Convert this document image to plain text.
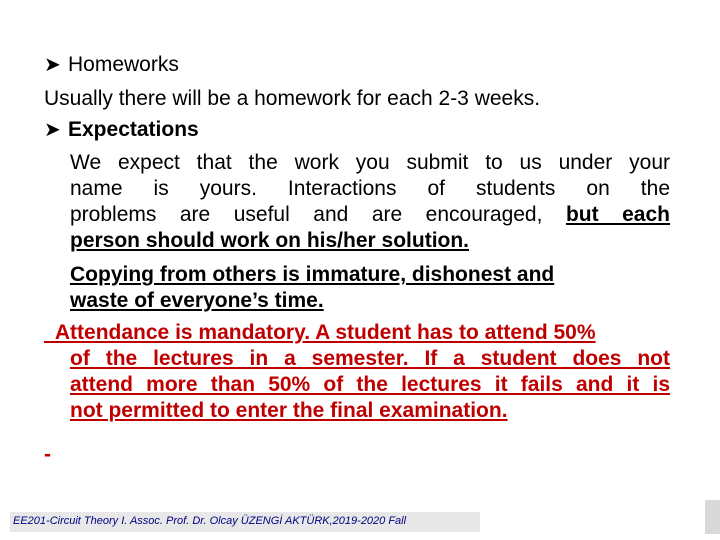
➤ Homeworks
Usually there will be a homework for each 2-3 weeks.
➤ Expectations
We expect that the work you submit to us under your
name is yours. Interactions of students on the
problems are useful and are encouraged, but each
person should work on his/her solution.
Copying from others is immature, dishonest and
waste of everyone’s time.
Attendance is mandatory. A student has to attend 50%
of the lectures in a semester. If a student does not
attend more than 50% of the lectures it fails and it is
not permitted to enter the final examination.
-
EE201-Circuit Theory I. Assoc. Prof. Dr. Olcay ÜZENGİ AKTÜRK,2019-2020 Fall
